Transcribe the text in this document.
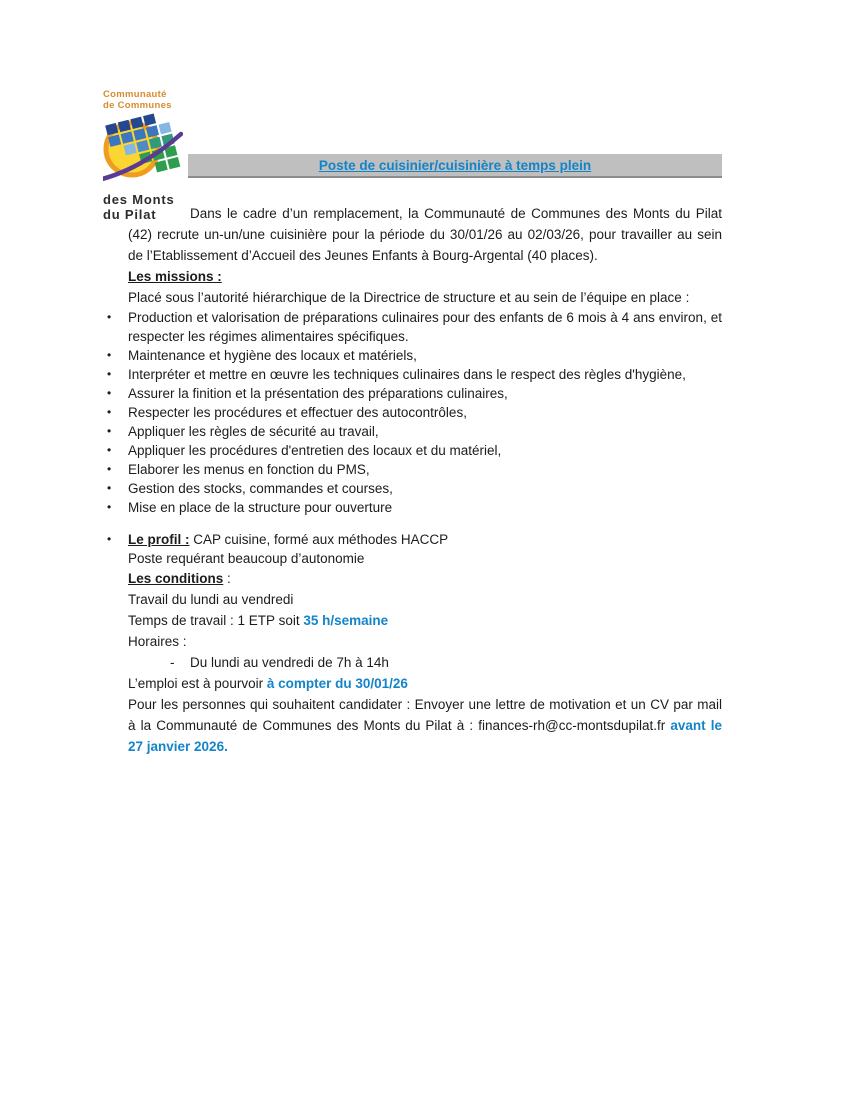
Communauté
de Communes
des Monts
du Pilat
Poste de cuisinier/cuisinière à temps plein

Dans le cadre d’un remplacement, la Communauté de Communes des Monts du Pilat (42) recrute un-un/une cuisinière pour la période du 30/01/26 au 02/03/26, pour travailler au sein de l’Etablissement d’Accueil des Jeunes Enfants à Bourg-Argental (40 places).

Les missions :

Placé sous l’autorité hiérarchique de la Directrice de structure et au sein de l’équipe en place :

• Production et valorisation de préparations culinaires pour des enfants de 6 mois à 4 ans environ, et respecter les régimes alimentaires spécifiques.
• Maintenance et hygiène des locaux et matériels,
• Interpréter et mettre en œuvre les techniques culinaires dans le respect des règles d'hygiène,
• Assurer la finition et la présentation des préparations culinaires,
• Respecter les procédures et effectuer des autocontrôles,
• Appliquer les règles de sécurité au travail,
• Appliquer les procédures d'entretien des locaux et du matériel,
• Elaborer les menus en fonction du PMS,
• Gestion des stocks, commandes et courses,
• Mise en place de la structure pour ouverture

• Le profil : CAP cuisine, formé aux méthodes HACCP

Poste requérant beaucoup d’autonomie

Les conditions :

Travail du lundi au vendredi

Temps de travail : 1 ETP soit 35 h/semaine

Horaires :

- Du lundi au vendredi de 7h à 14h

L’emploi est à pourvoir à compter du 30/01/26

Pour les personnes qui souhaitent candidater : Envoyer une lettre de motivation et un CV par mail à la Communauté de Communes des Monts du Pilat à : finances-rh@cc-montsdupilat.fr avant le 27 janvier 2026.
